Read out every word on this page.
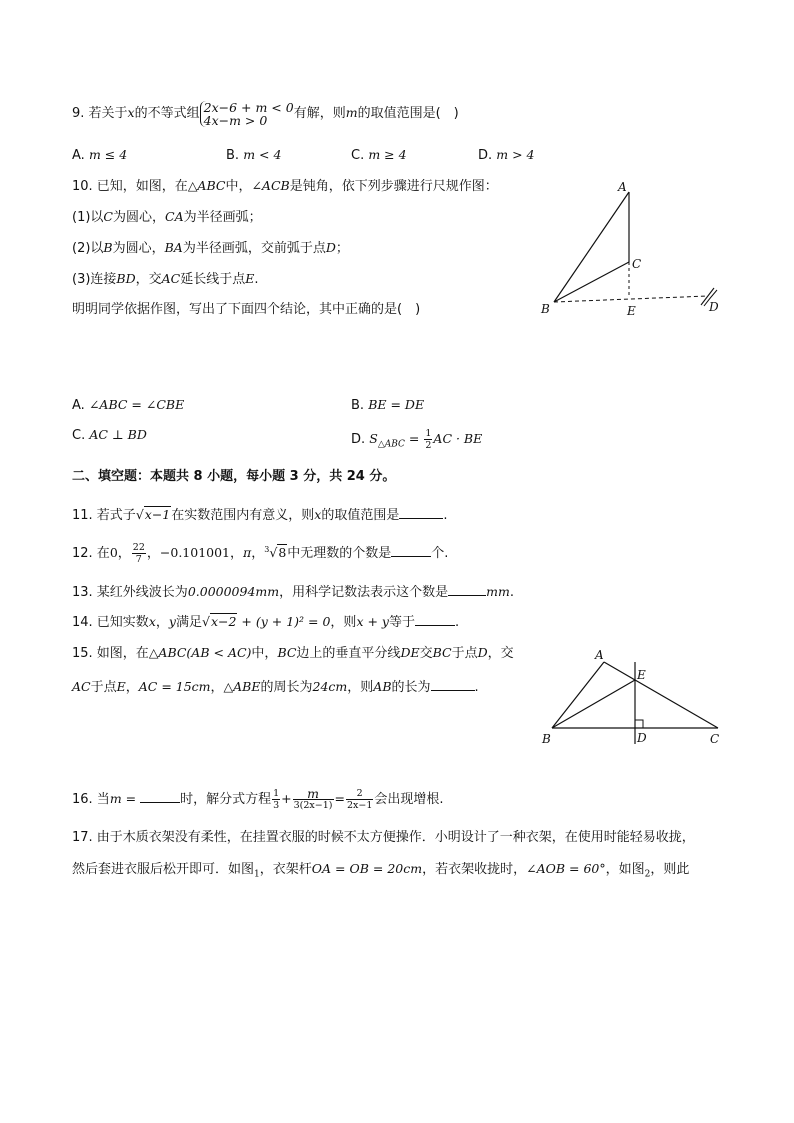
9. 若关于x的不等式组 2x−6 + m < 0
4x−m > 0 有解，则m的取值范围是(　)
A. m ≤ 4	B. m < 4	C. m ≥ 4	D. m > 4
10. 已知，如图，在△ABC中，∠ACB是钝角，依下列步骤进行尺规作图：
(1)以C为圆心，CA为半径画弧；
(2)以B为圆心，BA为半径画弧，交前弧于点D；
(3)连接BD，交AC延长线于点E.
明明同学依据作图，写出了下面四个结论，其中正确的是(　)
A
B
C
E	D
A. ∠ABC = ∠CBE	B. BE = DE
C. AC ⊥ BD	D. $S_{\triangle ABC} = \frac{1}{2}$ AC · BE
二、填空题：本题共 8 小题，每小题 3 分，共 24 分。
11. 若式子√x−1在实数范围内有意义，则x的取值范围是	.
12. 在0， $\frac{22}{7}$ ，−0.101001，π，$^3$√8中无理数的个数是	个.
13. 某红外线波长为0.0000094mm，用科学记数法表示这个数是	mm.
14. 已知实数x，y满足√x−2 + (y + 1)² = 0，则x + y等于	.
15. 如图，在△ABC(AB < AC)中，BC边上的垂直平分线DE交BC于点D，交
AC于点E，AC = 15cm，△ABE的周长为24cm，则AB的长为	.
A
E
B	D	C
16. 当m =	时，解分式方程 $\frac{1}{3} + \frac{m}{3(2x-1)} = \frac{2}{2x-1}$ 会出现增根.
17. 由于木质衣架没有柔性，在挂置衣服的时候不太方便操作．小明设计了一种衣架，在使用时能轻易收拢，
然后套进衣服后松开即可．如图$_1$，衣架杆OA = OB = 20cm，若衣架收拢时，∠AOB = 60°，如图$_2$，则此
